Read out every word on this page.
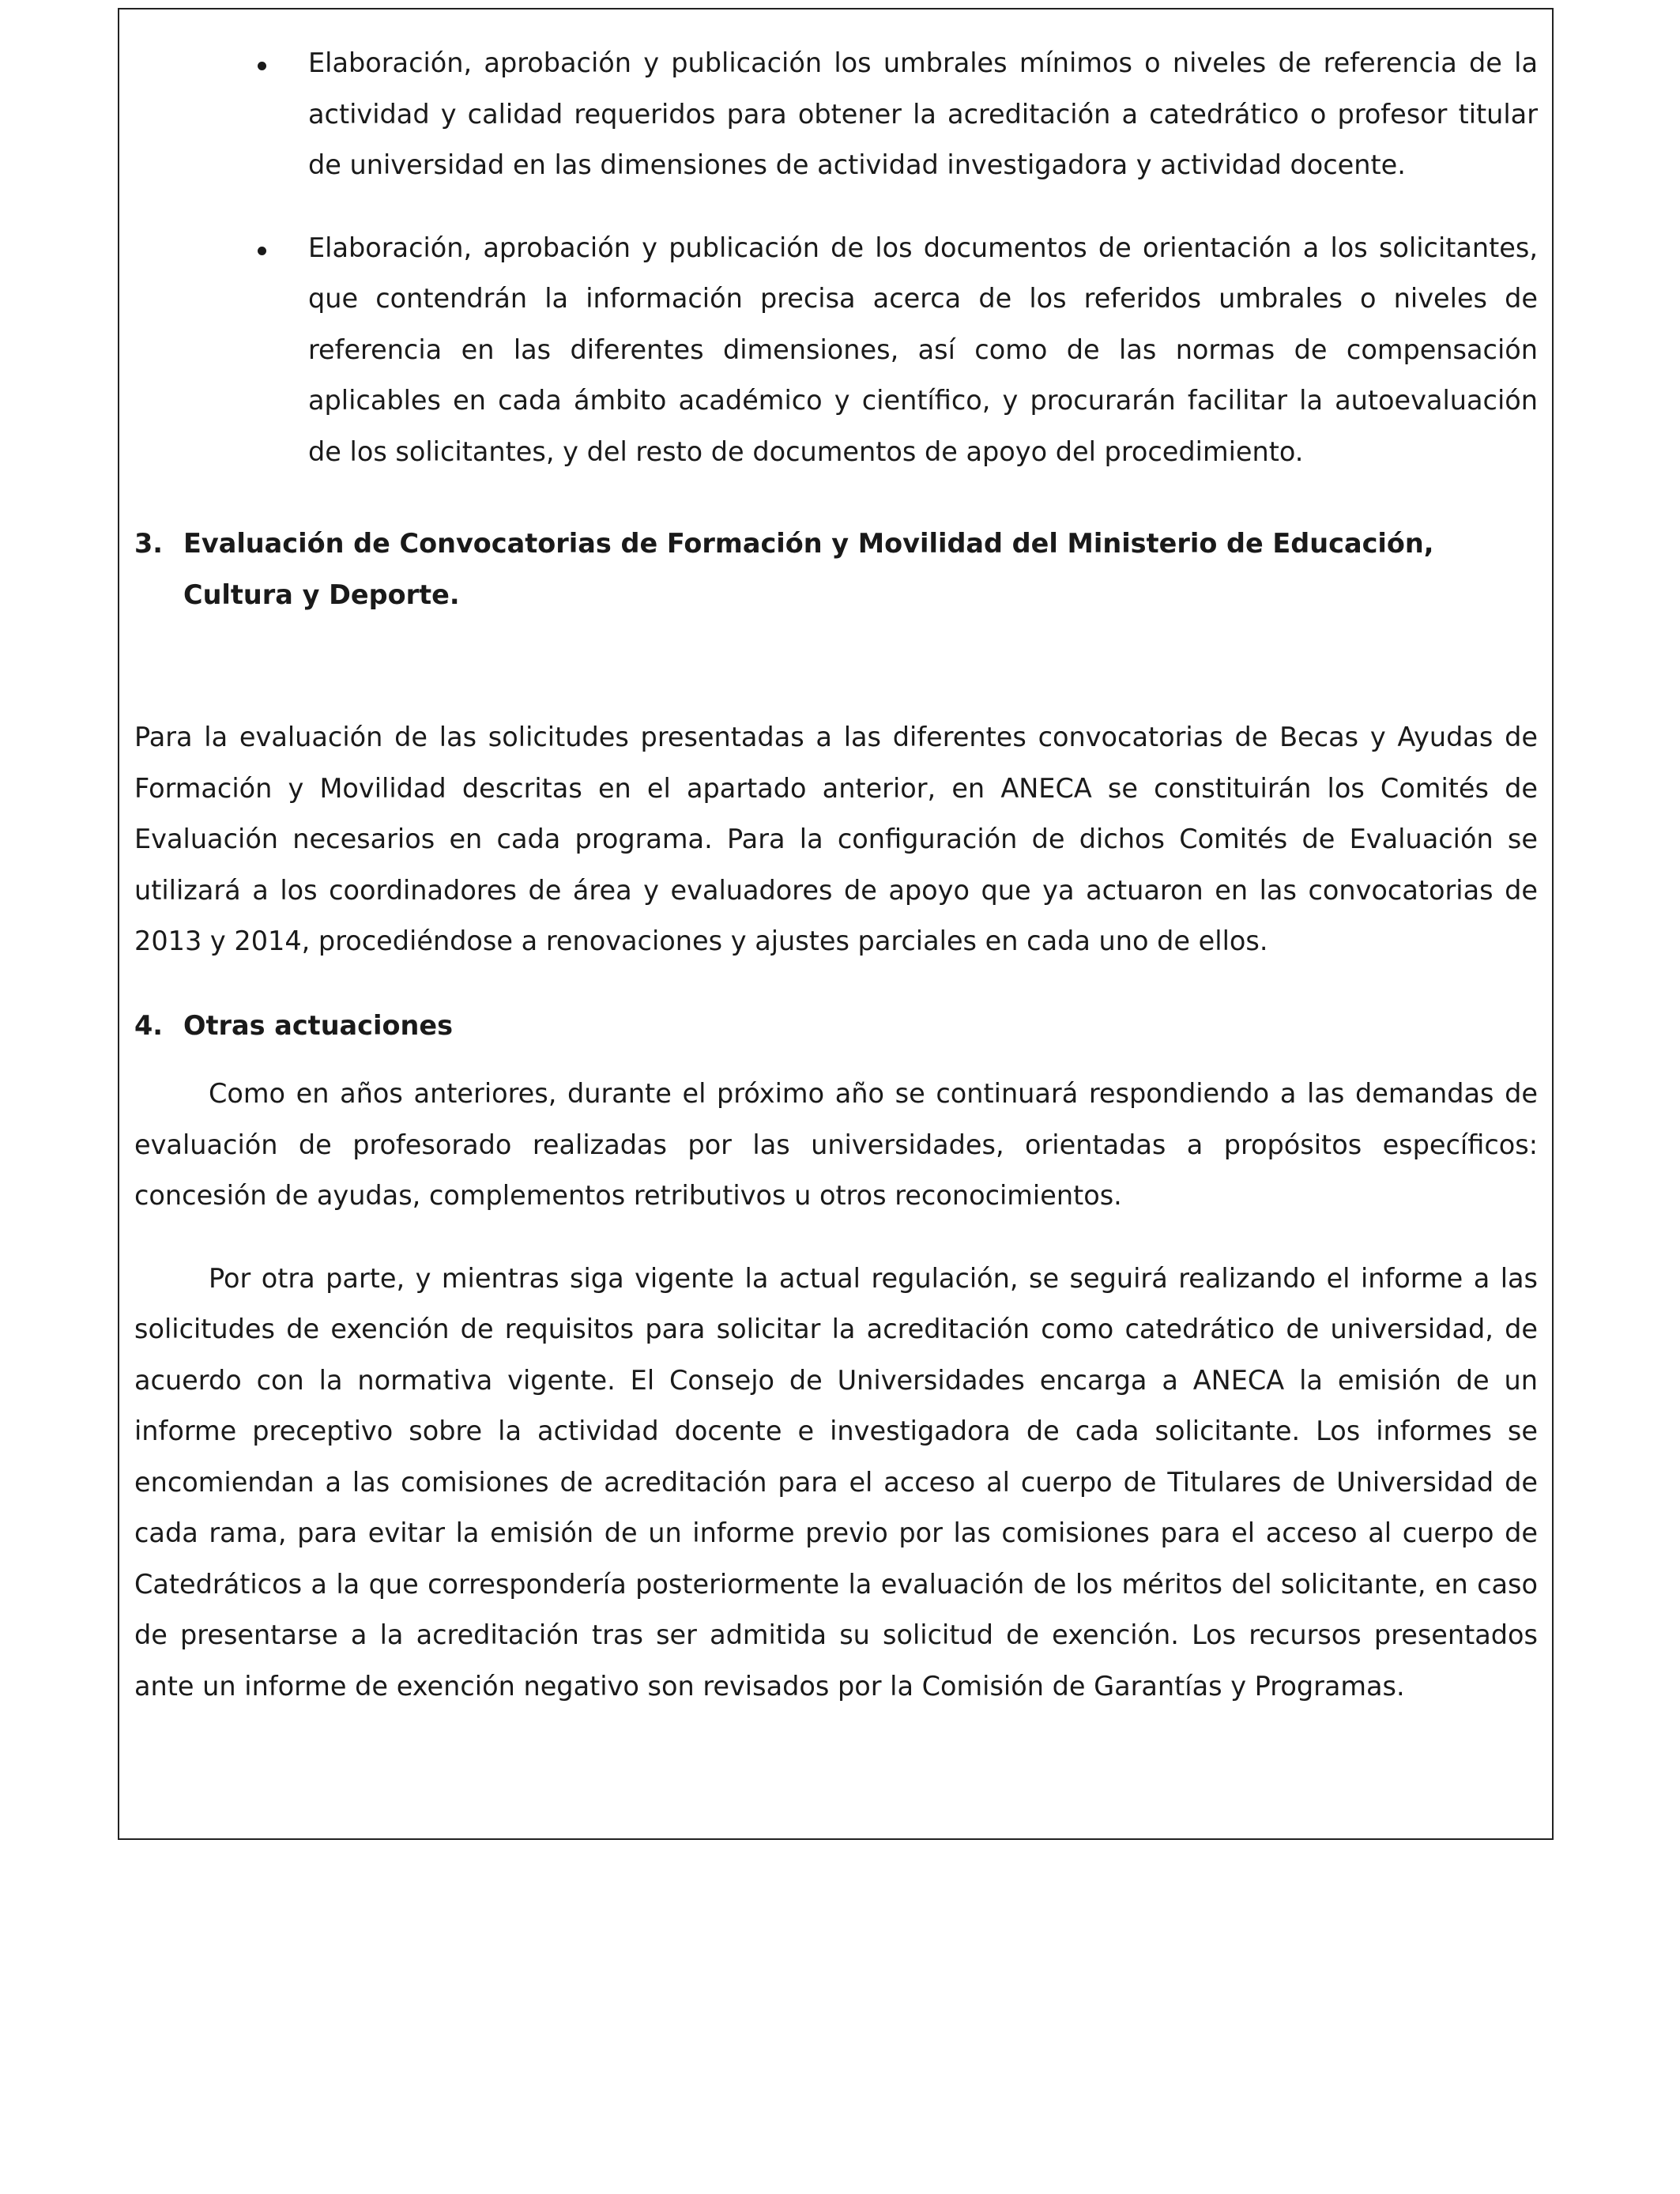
Elaboración, aprobación y publicación los umbrales mínimos o niveles de referencia de la actividad y calidad requeridos para obtener la acreditación a catedrático o profesor titular de universidad en las dimensiones de actividad investigadora y actividad docente.
Elaboración, aprobación y publicación de los documentos de orientación a los solicitantes, que contendrán la información precisa acerca de los referidos umbrales o niveles de referencia en las diferentes dimensiones, así como de las normas de compensación aplicables en cada ámbito académico y científico, y procurarán facilitar la autoevaluación de los solicitantes, y del resto de documentos de apoyo del procedimiento.
3. Evaluación de Convocatorias de Formación y Movilidad del Ministerio de Educación, Cultura y Deporte.

Para la evaluación de las solicitudes presentadas a las diferentes convocatorias de Becas y Ayudas de Formación y Movilidad descritas en el apartado anterior, en ANECA se constituirán los Comités de Evaluación necesarios en cada programa. Para la configuración de dichos Comités de Evaluación se utilizará a los coordinadores de área y evaluadores de apoyo que ya actuaron en las convocatorias de 2013 y 2014, procediéndose a renovaciones y ajustes parciales en cada uno de ellos.

4. Otras actuaciones

Como en años anteriores, durante el próximo año se continuará respondiendo a las demandas de evaluación de profesorado realizadas por las universidades, orientadas a propósitos específicos: concesión de ayudas, complementos retributivos u otros reconocimientos.

Por otra parte, y mientras siga vigente la actual regulación, se seguirá realizando el informe a las solicitudes de exención de requisitos para solicitar la acreditación como catedrático de universidad, de acuerdo con la normativa vigente. El Consejo de Universidades encarga a ANECA la emisión de un informe preceptivo sobre la actividad docente e investigadora de cada solicitante. Los informes se encomiendan a las comisiones de acreditación para el acceso al cuerpo de Titulares de Universidad de cada rama, para evitar la emisión de un informe previo por las comisiones para el acceso al cuerpo de Catedráticos a la que correspondería posteriormente la evaluación de los méritos del solicitante, en caso de presentarse a la acreditación tras ser admitida su solicitud de exención. Los recursos presentados ante un informe de exención negativo son revisados por la Comisión de Garantías y Programas.
